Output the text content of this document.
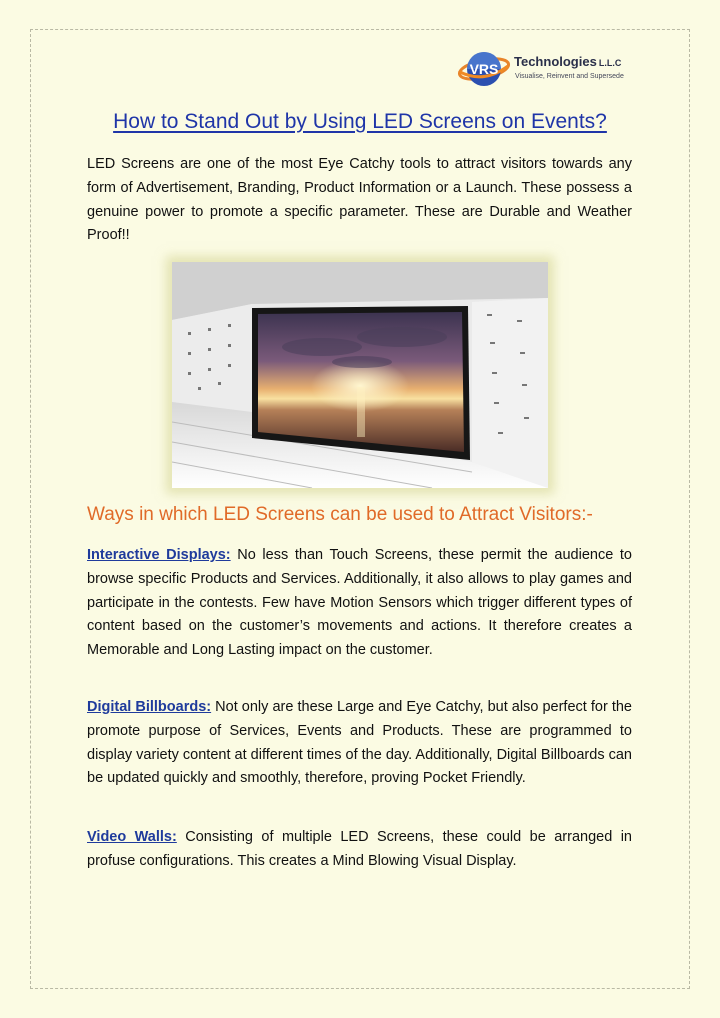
VRS Technologies L.L.C
Visualise, Reinvent and Supersede
How to Stand Out by Using LED Screens on Events?

LED Screens are one of the most Eye Catchy tools to attract visitors towards any form of Advertisement, Branding, Product Information or a Launch. These possess a genuine power to promote a specific parameter. These are Durable and Weather Proof!!

Ways in which LED Screens can be used to Attract Visitors:-

Interactive Displays: No less than Touch Screens, these permit the audience to browse specific Products and Services. Additionally, it also allows to play games and participate in the contests. Few have Motion Sensors which trigger different types of content based on the customer’s movements and actions. It therefore creates a Memorable and Long Lasting impact on the customer.

Digital Billboards: Not only are these Large and Eye Catchy, but also perfect for the promote purpose of Services, Events and Products. These are programmed to display variety content at different times of the day. Additionally, Digital Billboards can be updated quickly and smoothly, therefore, proving Pocket Friendly.

Video Walls: Consisting of multiple LED Screens, these could be arranged in profuse configurations. This creates a Mind Blowing Visual Display.
